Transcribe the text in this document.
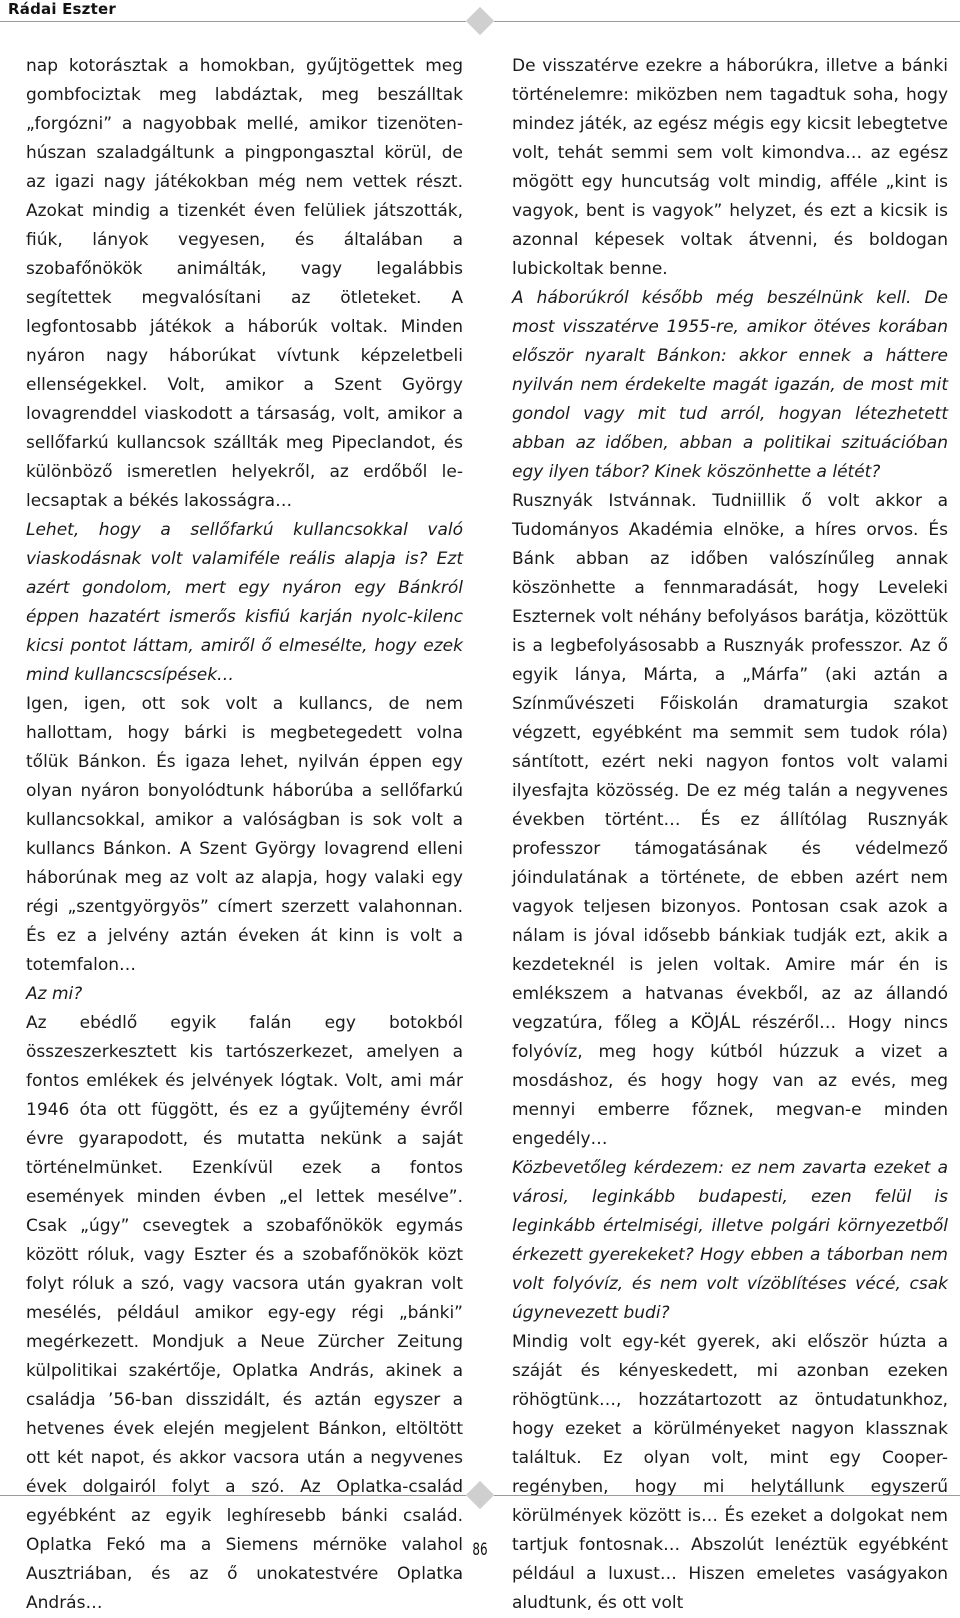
Rádai Eszter

nap kotorásztak a homokban, gyűjtögettek meg gombfociztak meg labdáztak, meg beszálltak „forgózni” a nagyobbak mellé, amikor tizenöten-húszan szaladgáltunk a pingpongasztal körül, de az igazi nagy játékokban még nem vettek részt. Azokat mindig a tizenkét éven felüliek játszották, fiúk, lányok vegyesen, és általában a szobafőnökök animálták, vagy legalábbis segítettek megvalósítani az ötleteket. A legfontosabb játékok a háborúk voltak. Minden nyáron nagy háborúkat vívtunk képzeletbeli ellenségekkel. Volt, amikor a Szent György lovagrenddel viaskodott a társaság, volt, amikor a sellőfarkú kullancsok szállták meg Pipeclandot, és különböző ismeretlen helyekről, az erdőből le-lecsaptak a békés lakosságra…

Lehet, hogy a sellőfarkú kullancsokkal való viaskodásnak volt valamiféle reális alapja is? Ezt azért gondolom, mert egy nyáron egy Bánkról éppen hazatért ismerős kisfiú karján nyolc-kilenc kicsi pontot láttam, amiről ő elmesélte, hogy ezek mind kullancscsípések…

Igen, igen, ott sok volt a kullancs, de nem hallottam, hogy bárki is megbetegedett volna tőlük Bánkon. És igaza lehet, nyilván éppen egy olyan nyáron bonyolódtunk háborúba a sellőfarkú kullancsokkal, amikor a valóságban is sok volt a kullancs Bánkon. A Szent György lovagrend elleni háborúnak meg az volt az alapja, hogy valaki egy régi „szentgyörgyös” címert szerzett valahonnan. És ez a jelvény aztán éveken át kinn is volt a totemfalon…

Az mi?

Az ebédlő egyik falán egy botokból összeszerkesztett kis tartószerkezet, amelyen a fontos emlékek és jelvények lógtak. Volt, ami már 1946 óta ott függött, és ez a gyűjtemény évről évre gyarapodott, és mutatta nekünk a saját történelmünket. Ezenkívül ezek a fontos események minden évben „el lettek mesélve”. Csak „úgy” csevegtek a szobafőnökök egymás között róluk, vagy Eszter és a szobafőnökök közt folyt róluk a szó, vagy vacsora után gyakran volt mesélés, például amikor egy-egy régi „bánki” megérkezett. Mondjuk a Neue Zürcher Zeitung külpolitikai szakértője, Oplatka András, akinek a családja ’56-ban disszidált, és aztán egyszer a hetvenes évek elején megjelent Bánkon, eltöltött ott két napot, és akkor vacsora után a negyvenes évek dolgairól folyt a szó. Az Oplatka-család egyébként az egyik leghíresebb bánki család. Oplatka Fekó ma a Siemens mérnöke valahol Ausztriában, és az ő unokatestvére Oplatka András…

De visszatérve ezekre a háborúkra, illetve a bánki történelemre: miközben nem tagadtuk soha, hogy mindez játék, az egész mégis egy kicsit lebegtetve volt, tehát semmi sem volt kimondva… az egész mögött egy huncutság volt mindig, afféle „kint is vagyok, bent is vagyok” helyzet, és ezt a kicsik is azonnal képesek voltak átvenni, és boldogan lubickoltak benne.

A háborúkról később még beszélnünk kell. De most visszatérve 1955-re, amikor ötéves korában először nyaralt Bánkon: akkor ennek a háttere nyilván nem érdekelte magát igazán, de most mit gondol vagy mit tud arról, hogyan létezhetett abban az időben, abban a politikai szituációban egy ilyen tábor? Kinek köszönhette a létét?

Rusznyák Istvánnak. Tudniillik ő volt akkor a Tudományos Akadémia elnöke, a híres orvos. És Bánk abban az időben valószínűleg annak köszönhette a fennmaradását, hogy Leveleki Eszternek volt néhány befolyásos barátja, közöttük is a legbefolyásosabb a Rusznyák professzor. Az ő egyik lánya, Márta, a „Márfa” (aki aztán a Színművészeti Főiskolán dramaturgia szakot végzett, egyébként ma semmit sem tudok róla) sántított, ezért neki nagyon fontos volt valami ilyesfajta közösség. De ez még talán a negyvenes években történt… És ez állítólag Rusznyák professzor támogatásának és védelmező jóindulatának a története, de ebben azért nem vagyok teljesen bizonyos. Pontosan csak azok a nálam is jóval idősebb bánkiak tudják ezt, akik a kezdeteknél is jelen voltak. Amire már én is emlékszem a hatvanas évekből, az az állandó vegzatúra, főleg a KÖJÁL részéről… Hogy nincs folyóvíz, meg hogy kútból húzzuk a vizet a mosdáshoz, és hogy hogy van az evés, meg mennyi emberre főznek, megvan-e minden engedély…

Közbevetőleg kérdezem: ez nem zavarta ezeket a városi, leginkább budapesti, ezen felül is leginkább értelmiségi, illetve polgári környezetből érkezett gyerekeket? Hogy ebben a táborban nem volt folyóvíz, és nem volt vízöblítéses vécé, csak úgynevezett budi?

Mindig volt egy-két gyerek, aki először húzta a száját és kényeskedett, mi azonban ezeken röhögtünk…, hozzátartozott az öntudatunkhoz, hogy ezeket a körülményeket nagyon klassznak találtuk. Ez olyan volt, mint egy Cooper-regényben, hogy mi helytállunk egyszerű körülmények között is… És ezeket a dolgokat nem tartjuk fontosnak… Abszolút lenéztük egyébként például a luxust… Hiszen emeletes vaságyakon aludtunk, és ott volt

86
